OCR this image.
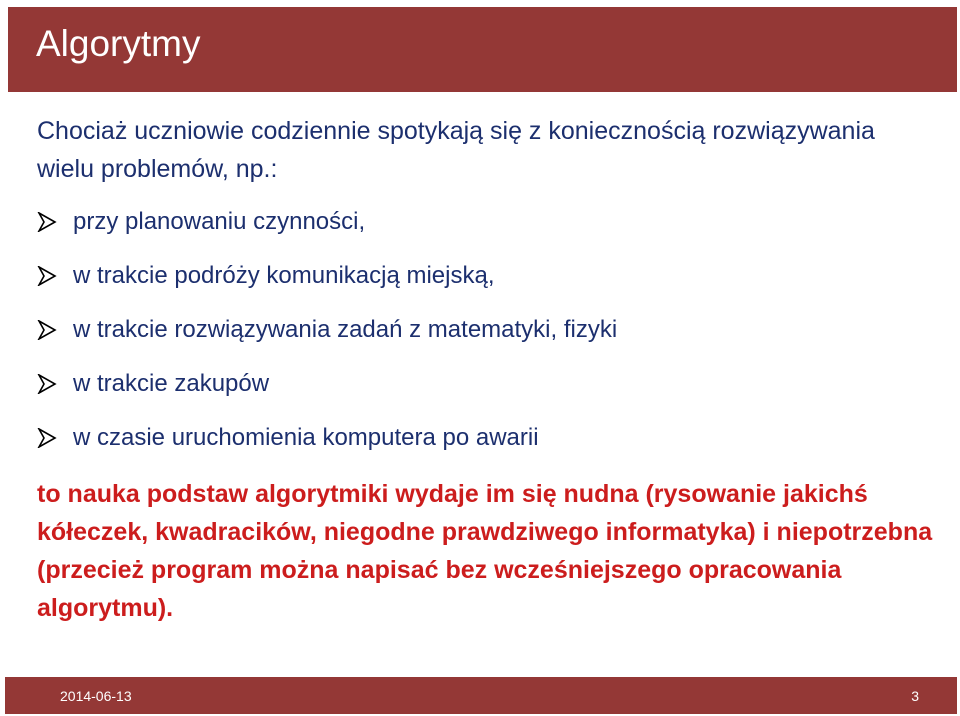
Algorytmy

Chociaż uczniowie codziennie spotykają się z koniecznością rozwiązywania wielu problemów, np.:

przy planowaniu czynności,
w trakcie podróży komunikacją miejską,
w trakcie rozwiązywania zadań z matematyki, fizyki
w trakcie zakupów
w czasie uruchomienia komputera po awarii

to nauka podstaw algorytmiki wydaje im się nudna (rysowanie jakichś kółeczek, kwadracików, niegodne prawdziwego informatyka) i niepotrzebna (przecież program można napisać bez wcześniejszego opracowania algorytmu).

2014-06-13	3
